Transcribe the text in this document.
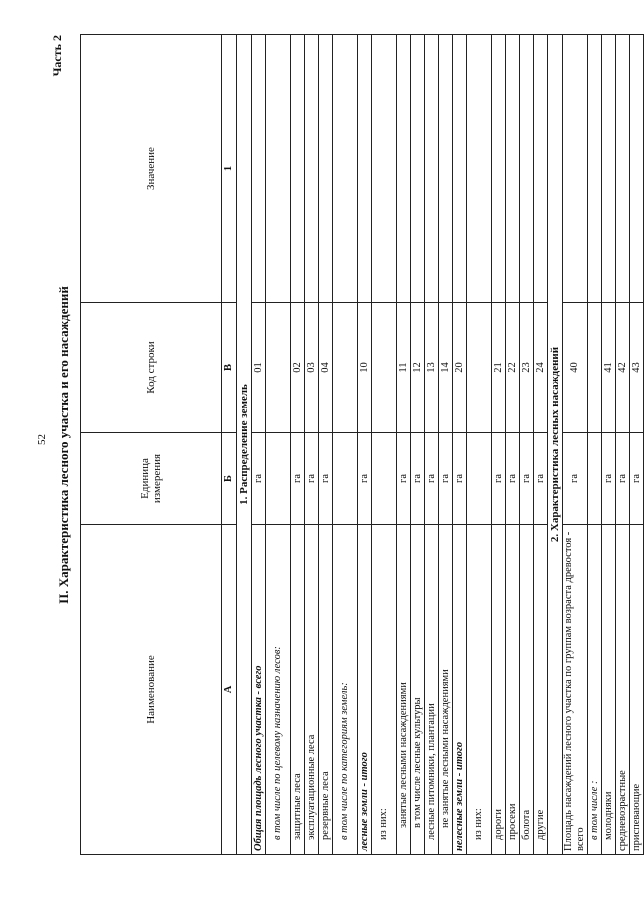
52
Часть 2
II. Характеристика лесного участка и его насаждений
Наименование	Единица измерения	Код строки	Значение
А	Б	В	1
1. Распределение земель			
Общая площадь лесного участка - всего	га	01	
в том числе по целевому назначению лесов:			
защитные леса	га	02	
эксплуатационные леса	га	03	
резервные леса	га	04	
в том числе по категориям земель:			
лесные земли - итого	га	10	
из них:			
занятые лесными насаждениями	га	11	
в том числе лесные культуры	га	12	
лесные питомники, плантации	га	13	
не занятые лесными насаждениями	га	14	
нелесные земли - итого	га	20	
из них:			
дороги	га	21	
просеки	га	22	
болота	га	23	
другие	га	24	
2. Характеристика лесных насаждений			
Площадь насаждений лесного участка по группам возраста древостоя - всего	га	40	
в том числе :			
молодняки	га	41	
средневозрастные	га	42	
приспевающие	га	43	
